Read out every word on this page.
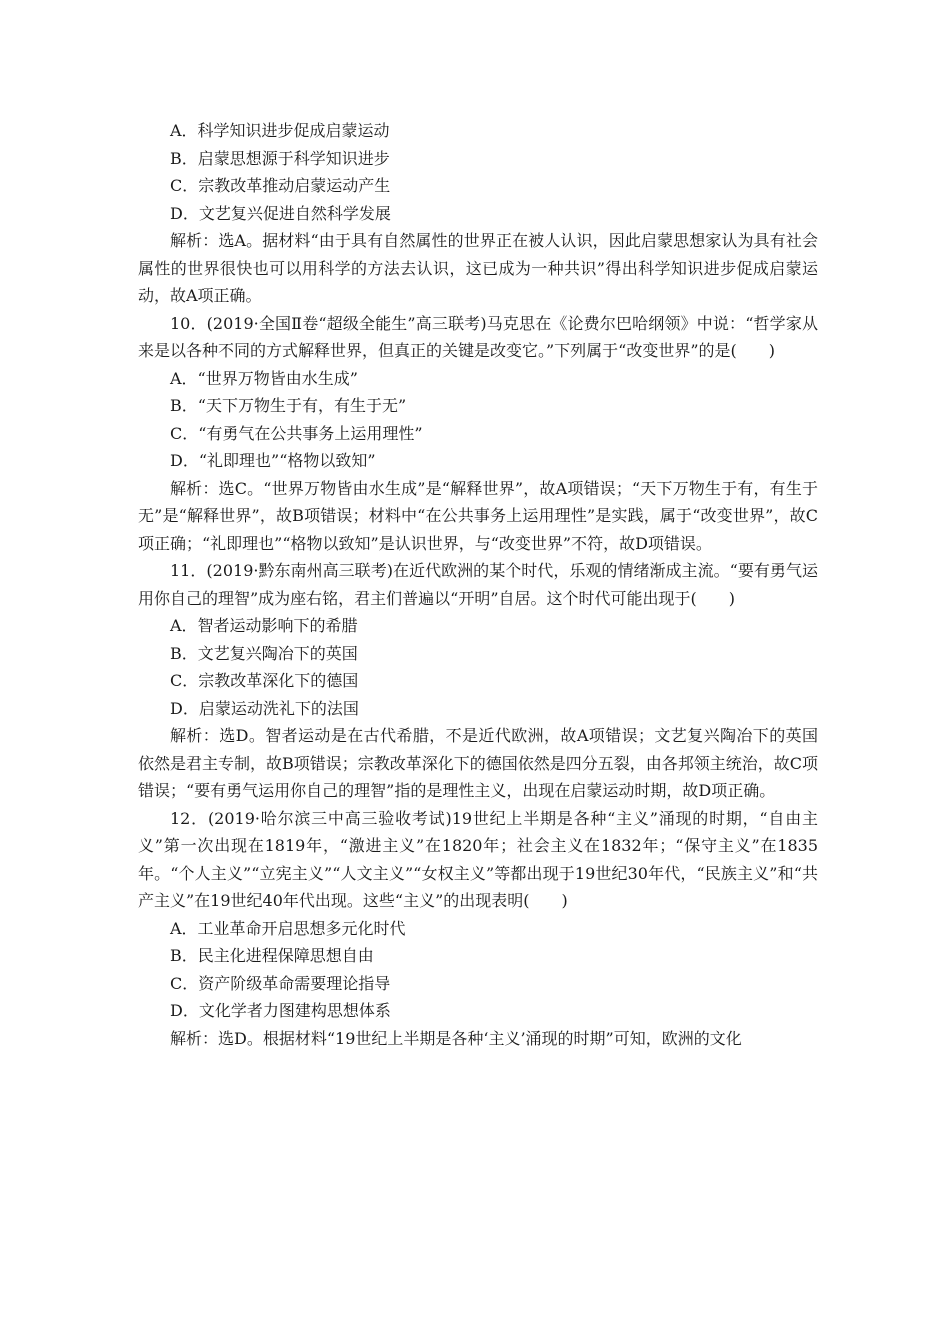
A．科学知识进步促成启蒙运动
B．启蒙思想源于科学知识进步
C．宗教改革推动启蒙运动产生
D．文艺复兴促进自然科学发展
解析：选A。据材料“由于具有自然属性的世界正在被人认识，因此启蒙思想家认为具有社会属性的世界很快也可以用科学的方法去认识，这已成为一种共识”得出科学知识进步促成启蒙运动，故A项正确。
10．(2019·全国Ⅱ卷“超级全能生”高三联考)马克思在《论费尔巴哈纲领》中说：“哲学家从来是以各种不同的方式解释世界，但真正的关键是改变它。”下列属于“改变世界”的是(　　)
A．“世界万物皆由水生成”
B．“天下万物生于有，有生于无”
C．“有勇气在公共事务上运用理性”
D．“礼即理也”“格物以致知”
解析：选C。“世界万物皆由水生成”是“解释世界”，故A项错误；“天下万物生于有，有生于无”是“解释世界”，故B项错误；材料中“在公共事务上运用理性”是实践，属于“改变世界”，故C项正确；“礼即理也”“格物以致知”是认识世界，与“改变世界”不符，故D项错误。
11．(2019·黔东南州高三联考)在近代欧洲的某个时代，乐观的情绪渐成主流。“要有勇气运用你自己的理智”成为座右铭，君主们普遍以“开明”自居。这个时代可能出现于(　　)
A．智者运动影响下的希腊
B．文艺复兴陶冶下的英国
C．宗教改革深化下的德国
D．启蒙运动洗礼下的法国
解析：选D。智者运动是在古代希腊，不是近代欧洲，故A项错误；文艺复兴陶冶下的英国依然是君主专制，故B项错误；宗教改革深化下的德国依然是四分五裂，由各邦领主统治，故C项错误；“要有勇气运用你自己的理智”指的是理性主义，出现在启蒙运动时期，故D项正确。
12．(2019·哈尔滨三中高三验收考试)19世纪上半期是各种“主义”涌现的时期，“自由主义”第一次出现在1819年，“激进主义”在1820年；社会主义在1832年；“保守主义”在1835年。“个人主义”“立宪主义”“人文主义”“女权主义”等都出现于19世纪30年代，“民族主义”和“共产主义”在19世纪40年代出现。这些“主义”的出现表明(　　)
A．工业革命开启思想多元化时代
B．民主化进程保障思想自由
C．资产阶级革命需要理论指导
D．文化学者力图建构思想体系
解析：选D。根据材料“19世纪上半期是各种‘主义’涌现的时期”可知，欧洲的文化
